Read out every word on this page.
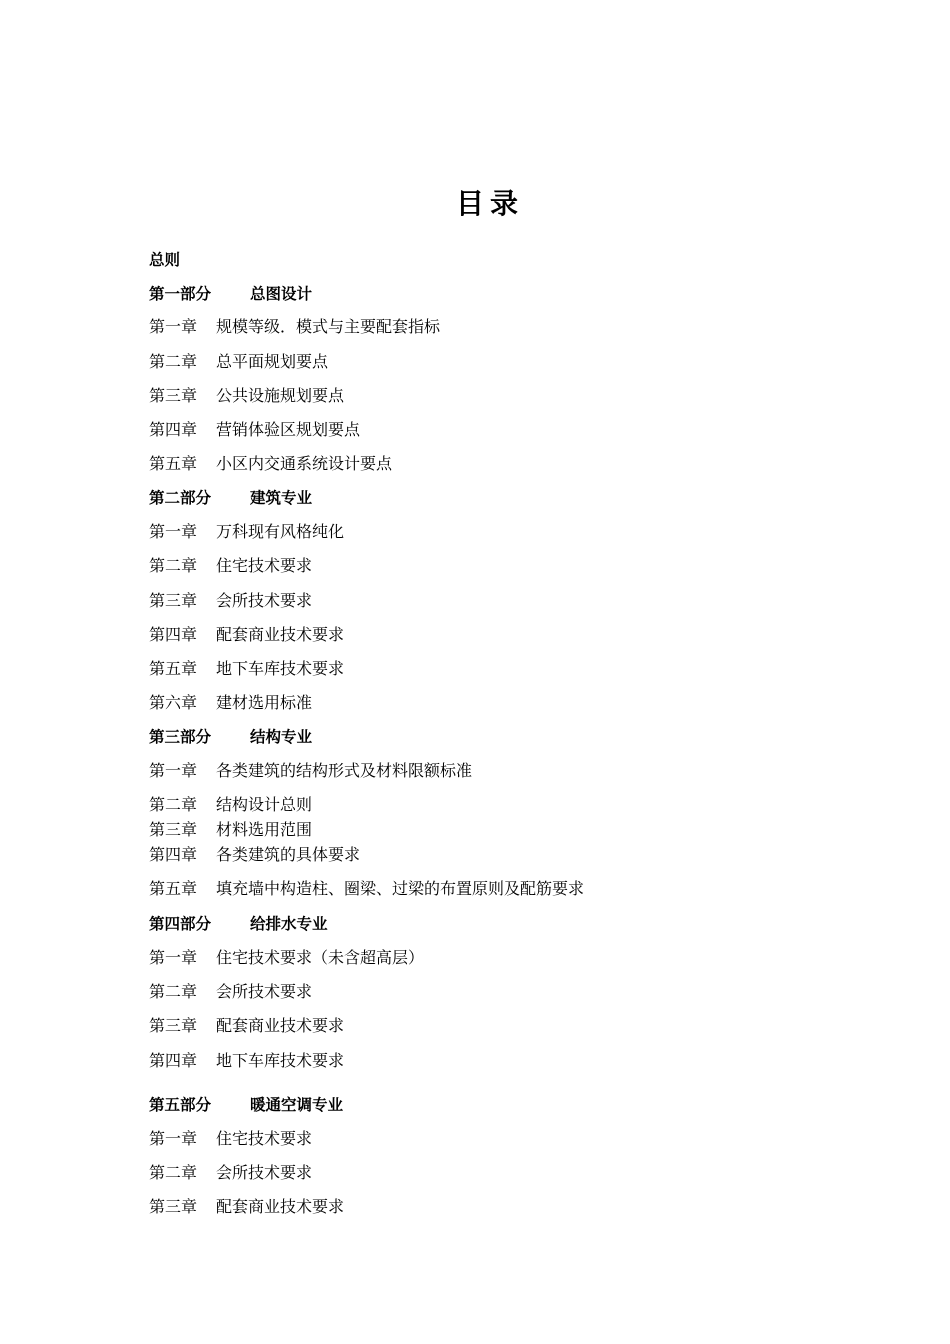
目录
总则
第一部分	总图设计
第一章 规模等级．模式与主要配套指标
第二章 总平面规划要点
第三章 公共设施规划要点
第四章 营销体验区规划要点
第五章 小区内交通系统设计要点
第二部分	建筑专业
第一章 万科现有风格纯化
第二章 住宅技术要求
第三章 会所技术要求
第四章 配套商业技术要求
第五章 地下车库技术要求
第六章 建材选用标准
第三部分	结构专业
第一章 各类建筑的结构形式及材料限额标准
第二章 结构设计总则
第三章 材料选用范围
第四章 各类建筑的具体要求
第五章 填充墙中构造柱、圈梁、过梁的布置原则及配筋要求
第四部分	给排水专业
第一章 住宅技术要求（未含超高层）
第二章 会所技术要求
第三章 配套商业技术要求
第四章 地下车库技术要求
第五部分	暖通空调专业
第一章 住宅技术要求
第二章 会所技术要求
第三章 配套商业技术要求
